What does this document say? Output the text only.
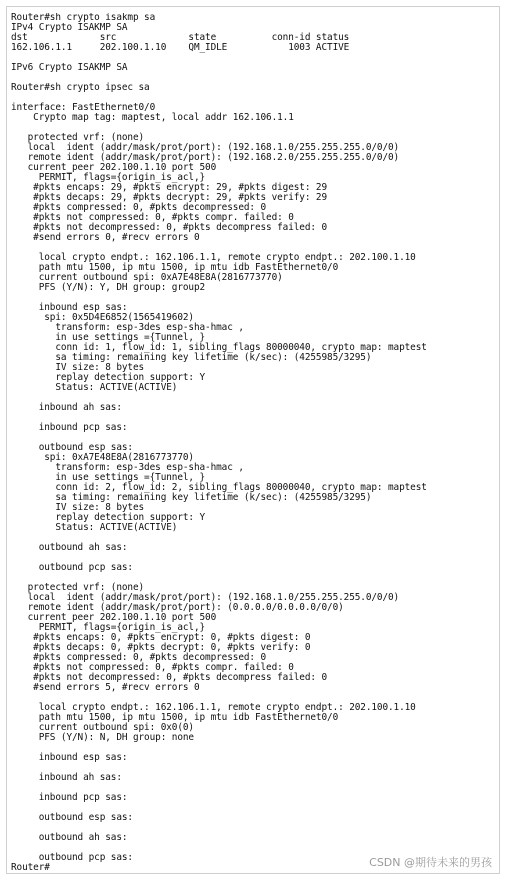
Router#sh crypto isakmp sa
IPv4 Crypto ISAKMP SA
dst             src             state          conn-id status
162.106.1.1     202.100.1.10    QM_IDLE           1003 ACTIVE
IPv6 Crypto ISAKMP SA
Router#sh crypto ipsec sa
interface: FastEthernet0/0
Crypto map tag: maptest, local addr 162.106.1.1
protected vrf: (none)
local  ident (addr/mask/prot/port): (192.168.1.0/255.255.255.0/0/0)
remote ident (addr/mask/prot/port): (192.168.2.0/255.255.255.0/0/0)
current_peer 202.100.1.10 port 500
PERMIT, flags={origin_is_acl,}
#pkts encaps: 29, #pkts encrypt: 29, #pkts digest: 29
#pkts decaps: 29, #pkts decrypt: 29, #pkts verify: 29
#pkts compressed: 0, #pkts decompressed: 0
#pkts not compressed: 0, #pkts compr. failed: 0
#pkts not decompressed: 0, #pkts decompress failed: 0
#send errors 0, #recv errors 0
local crypto endpt.: 162.106.1.1, remote crypto endpt.: 202.100.1.10
path mtu 1500, ip mtu 1500, ip mtu idb FastEthernet0/0
current outbound spi: 0xA7E48E8A(2816773770)
PFS (Y/N): Y, DH group: group2
inbound esp sas:
spi: 0x5D4E6852(1565419602)
transform: esp-3des esp-sha-hmac ,
in use settings ={Tunnel, }
conn id: 1, flow_id: 1, sibling_flags 80000040, crypto map: maptest
sa timing: remaining key lifetime (k/sec): (4255985/3295)
IV size: 8 bytes
replay detection support: Y
Status: ACTIVE(ACTIVE)
inbound ah sas:
inbound pcp sas:
outbound esp sas:
spi: 0xA7E48E8A(2816773770)
transform: esp-3des esp-sha-hmac ,
in use settings ={Tunnel, }
conn id: 2, flow_id: 2, sibling_flags 80000040, crypto map: maptest
sa timing: remaining key lifetime (k/sec): (4255985/3295)
IV size: 8 bytes
replay detection support: Y
Status: ACTIVE(ACTIVE)
outbound ah sas:
outbound pcp sas:
protected vrf: (none)
local  ident (addr/mask/prot/port): (192.168.1.0/255.255.255.0/0/0)
remote ident (addr/mask/prot/port): (0.0.0.0/0.0.0.0/0/0)
current_peer 202.100.1.10 port 500
PERMIT, flags={origin_is_acl,}
#pkts encaps: 0, #pkts encrypt: 0, #pkts digest: 0
#pkts decaps: 0, #pkts decrypt: 0, #pkts verify: 0
#pkts compressed: 0, #pkts decompressed: 0
#pkts not compressed: 0, #pkts compr. failed: 0
#pkts not decompressed: 0, #pkts decompress failed: 0
#send errors 5, #recv errors 0
local crypto endpt.: 162.106.1.1, remote crypto endpt.: 202.100.1.10
path mtu 1500, ip mtu 1500, ip mtu idb FastEthernet0/0
current outbound spi: 0x0(0)
PFS (Y/N): N, DH group: none
inbound esp sas:
inbound ah sas:
inbound pcp sas:
outbound esp sas:
outbound ah sas:
outbound pcp sas:
Router#	CSDN @期待未来的男孩
